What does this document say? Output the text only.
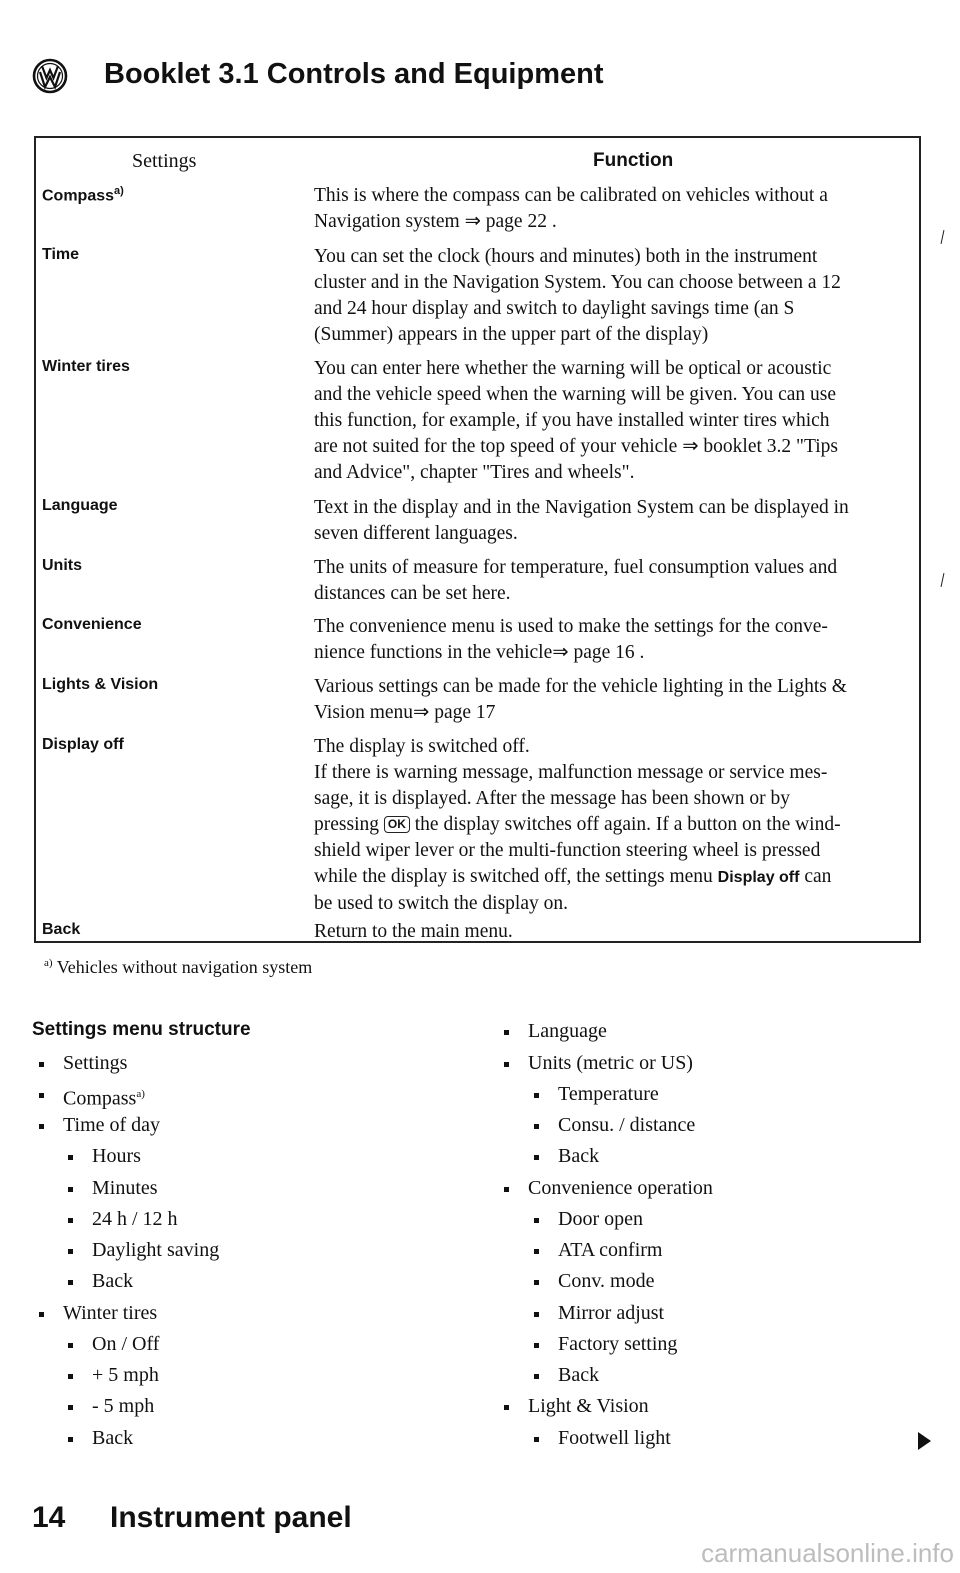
Booklet 3.1 Controls and Equipment
Settings	Function
Compass$^{a)}$	This is where the compass can be calibrated on vehicles without a
Navigation system ⇒ page 22 .
Time	You can set the clock (hours and minutes) both in the instrument
cluster and in the Navigation System. You can choose between a 12
and 24 hour display and switch to daylight savings time (an S
(Summer) appears in the upper part of the display)
Winter tires	You can enter here whether the warning will be optical or acoustic
and the vehicle speed when the warning will be given. You can use
this function, for example, if you have installed winter tires which
are not suited for the top speed of your vehicle ⇒ booklet 3.2 "Tips
and Advice", chapter "Tires and wheels".
Language	Text in the display and in the Navigation System can be displayed in
seven different languages.
Units	The units of measure for temperature, fuel consumption values and
distances can be set here.
Convenience	The convenience menu is used to make the settings for the conve-
nience functions in the vehicle⇒ page 16 .
Lights & Vision	Various settings can be made for the vehicle lighting in the Lights &
Vision menu⇒ page 17
Display off	The display is switched off.
If there is warning message, malfunction message or service mes-
sage, it is displayed. After the message has been shown or by
pressing OK the display switches off again. If a button on the wind-
shield wiper lever or the multi-function steering wheel is pressed
while the display is switched off, the settings menu Display off can
be used to switch the display on.
Back	Return to the main menu.
$^{a)}$ Vehicles without navigation system
Settings menu structure
Settings
Compass$^{a)}$
Time of day
Hours
Minutes
24 h / 12 h
Daylight saving
Back
Winter tires
On / Off
+ 5 mph
- 5 mph
Back
Language
Units (metric or US)
Temperature
Consu. / distance
Back
Convenience operation
Door open
ATA confirm
Conv. mode
Mirror adjust
Factory setting
Back
Light & Vision
Footwell light
14 Instrument panel
carmanualsonline.info
